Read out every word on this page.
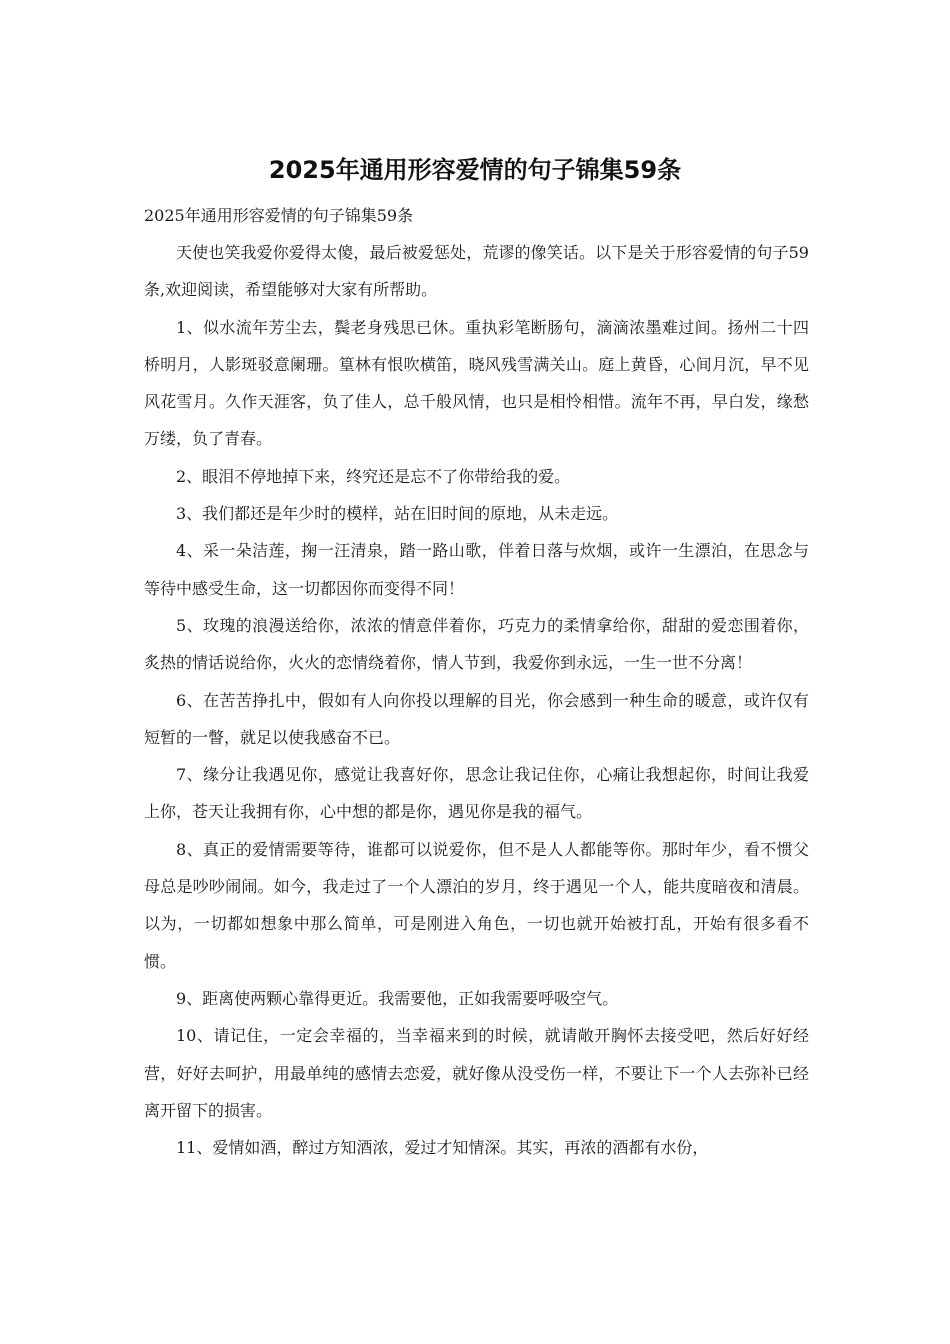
2025年通用形容爱情的句子锦集59条

2025年通用形容爱情的句子锦集59条

天使也笑我爱你爱得太傻，最后被爱惩处，荒谬的像笑话。以下是关于形容爱情的句子59条,欢迎阅读，希望能够对大家有所帮助。

1、似水流年芳尘去，鬓老身残思已休。重执彩笔断肠句，滴滴浓墨难过间。扬州二十四桥明月，人影斑驳意阑珊。篁林有恨吹横笛，晓风残雪满关山。庭上黄昏，心间月沉，早不见风花雪月。久作天涯客，负了佳人，总千般风情，也只是相怜相惜。流年不再，早白发，缘愁万缕，负了青春。

2、眼泪不停地掉下来，终究还是忘不了你带给我的爱。

3、我们都还是年少时的模样，站在旧时间的原地，从未走远。

4、采一朵洁莲，掬一汪清泉，踏一路山歌，伴着日落与炊烟，或许一生漂泊，在思念与等待中感受生命，这一切都因你而变得不同！

5、玫瑰的浪漫送给你，浓浓的情意伴着你，巧克力的柔情拿给你，甜甜的爱恋围着你，炙热的情话说给你，火火的恋情绕着你，情人节到，我爱你到永远，一生一世不分离！

6、在苦苦挣扎中，假如有人向你投以理解的目光，你会感到一种生命的暖意，或许仅有短暂的一瞥，就足以使我感奋不已。

7、缘分让我遇见你，感觉让我喜好你，思念让我记住你，心痛让我想起你，时间让我爱上你，苍天让我拥有你，心中想的都是你，遇见你是我的福气。

8、真正的爱情需要等待，谁都可以说爱你，但不是人人都能等你。那时年少，看不惯父母总是吵吵闹闹。如今，我走过了一个人漂泊的岁月，终于遇见一个人，能共度暗夜和清晨。以为，一切都如想象中那么简单，可是刚进入角色，一切也就开始被打乱，开始有很多看不惯。

9、距离使两颗心靠得更近。我需要他，正如我需要呼吸空气。

10、请记住，一定会幸福的，当幸福来到的时候，就请敞开胸怀去接受吧，然后好好经营，好好去呵护，用最单纯的感情去恋爱，就好像从没受伤一样，不要让下一个人去弥补已经离开留下的损害。

11、爱情如酒，醉过方知酒浓，爱过才知情深。其实，再浓的酒都有水份，
